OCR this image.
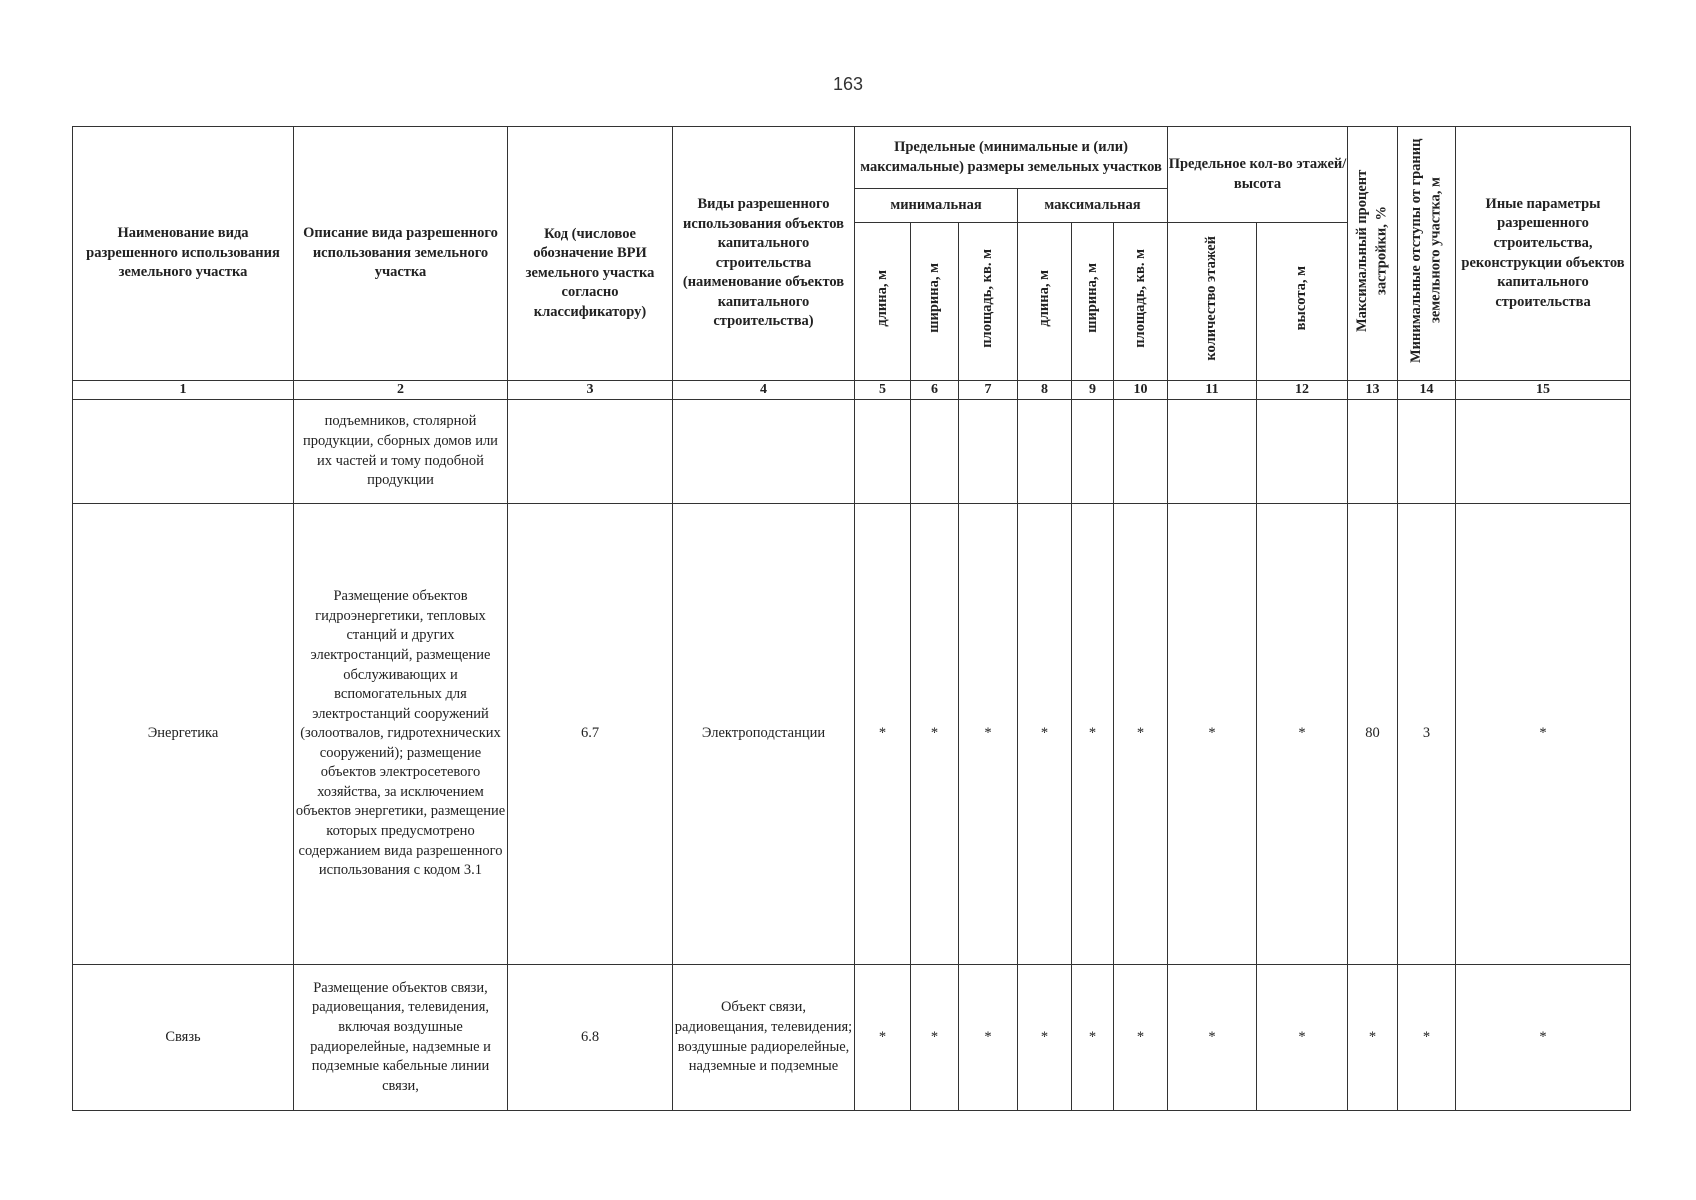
163
Наименование вида разрешенного использования земельного участка	Описание вида разрешенного использования земельного участка	Код (числовое обозначение ВРИ земельного участка согласно классификатору)	Виды разрешенного использования объектов капитального строительства (наименование объектов капитального строительства)	Предельные (минимальные и (или) максимальные) размеры земельных участков						Предельное кол-во этажей/высота		Максимальный процент застройки, %	Минимальные отступы от границ земельного участка, м	Иные параметры разрешенного строительства, реконструкции объектов капитального строительства
				минимальная			максимальная							
				длина, м	ширина, м	площадь, кв. м	длина, м	ширина, м	площадь, кв. м	количество этажей	высота, м			
1	2	3	4	5	6	7	8	9	10	11	12	13	14	15
	подъемников, столярной продукции, сборных домов или их частей и тому подобной продукции													
Энергетика	Размещение объектов гидроэнергетики, тепловых станций и других электростанций, размещение обслуживающих и вспомогательных для электростанций сооружений (золоотвалов, гидротехнических сооружений); размещение объектов электросетевого хозяйства, за исключением объектов энергетики, размещение которых предусмотрено содержанием вида разрешенного использования с кодом 3.1	6.7	Электроподстанции	*	*	*	*	*	*	*	*	80	3	*
Связь	Размещение объектов связи, радиовещания, телевидения, включая воздушные радиорелейные, надземные и подземные кабельные линии связи,	6.8	Объект связи, радиовещания, телевидения; воздушные радиорелейные, надземные и подземные	*	*	*	*	*	*	*	*	*	*	*
